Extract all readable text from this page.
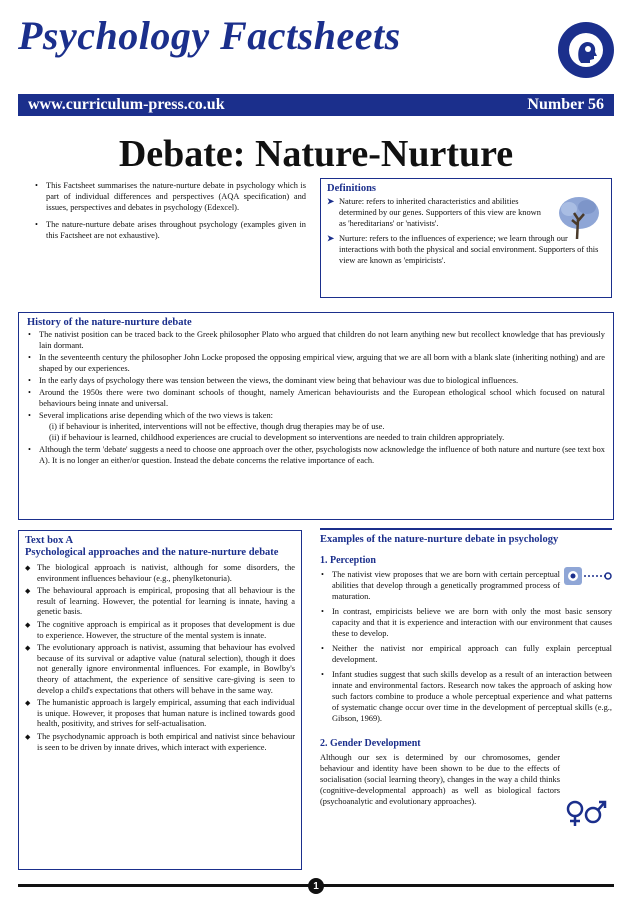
Psychology Factsheets
www.curriculum-press.co.uk	Number 56
Debate: Nature-Nurture
• This Factsheet summarises the nature-nurture debate in psychology which is part of individual differences and perspectives (AQA specification) and issues, perspectives and debates in psychology (Edexcel).
• The nature-nurture debate arises throughout psychology (examples given in this Factsheet are not exhaustive).
Definitions
➤ Nature: refers to inherited characteristics and abilities determined by our genes. Supporters of this view are known as 'hereditarians' or 'nativists'.
➤ Nurture: refers to the influences of experience; we learn through our interactions with both the physical and social environment. Supporters of this view are known as 'empiricists'.
History of the nature-nurture debate
• The nativist position can be traced back to the Greek philosopher Plato who argued that children do not learn anything new but recollect knowledge that has previously lain dormant.
• In the seventeenth century the philosopher John Locke proposed the opposing empirical view, arguing that we are all born with a blank slate (inheriting nothing) and are shaped by our experiences.
• In the early days of psychology there was tension between the views, the dominant view being that behaviour was due to biological influences.
• Around the 1950s there were two dominant schools of thought, namely American behaviourists and the European ethological school which focused on natural behaviours being innate and universal.
• Several implications arise depending which of the two views is taken:
(i) if behaviour is inherited, interventions will not be effective, though drug therapies may be of use.
(ii) if behaviour is learned, childhood experiences are crucial to development so interventions are needed to train children appropriately.
• Although the term 'debate' suggests a need to choose one approach over the other, psychologists now acknowledge the influence of both nature and nurture (see text box A). It is no longer an either/or question. Instead the debate concerns the relative importance of each.
Text box A
Psychological approaches and the nature-nurture debate
◆ The biological approach is nativist, although for some disorders, the environment influences behaviour (e.g., phenylketonuria).
◆ The behavioural approach is empirical, proposing that all behaviour is the result of learning. However, the potential for learning is innate, having a genetic basis.
◆ The cognitive approach is empirical as it proposes that development is due to experience. However, the structure of the mental system is innate.
◆ The evolutionary approach is nativist, assuming that behaviour has evolved because of its survival or adaptive value (natural selection), though it does not generally ignore environmental influences. For example, in Bowlby's theory of attachment, the experience of sensitive care-giving is seen to develop a child's expectations that others will behave in the same way.
◆ The humanistic approach is largely empirical, assuming that each individual is unique. However, it proposes that human nature is inclined towards good health, positivity, and strives for self-actualisation.
◆ The psychodynamic approach is both empirical and nativist since behaviour is seen to be driven by innate drives, which interact with experience.
Examples of the nature-nurture debate in psychology
1. Perception
• The nativist view proposes that we are born with certain perceptual abilities that develop through a genetically programmed process of maturation.
• In contrast, empiricists believe we are born with only the most basic sensory capacity and that it is experience and interaction with our environment that causes these to develop.
• Neither the nativist nor empirical approach can fully explain perceptual development.
• Infant studies suggest that such skills develop as a result of an interaction between innate and environmental factors. Research now takes the approach of asking how such factors combine to produce a whole perceptual experience and what patterns of systematic change occur over time in the development of perceptual skills (e.g., Gibson, 1969).
2. Gender Development

Although our sex is determined by our chromosomes, gender behaviour and identity have been shown to be due to the effects of socialisation (social learning theory), changes in the way a child thinks (cognitive-developmental approach) as well as biological factors (psychoanalytic and evolutionary approaches).

1
